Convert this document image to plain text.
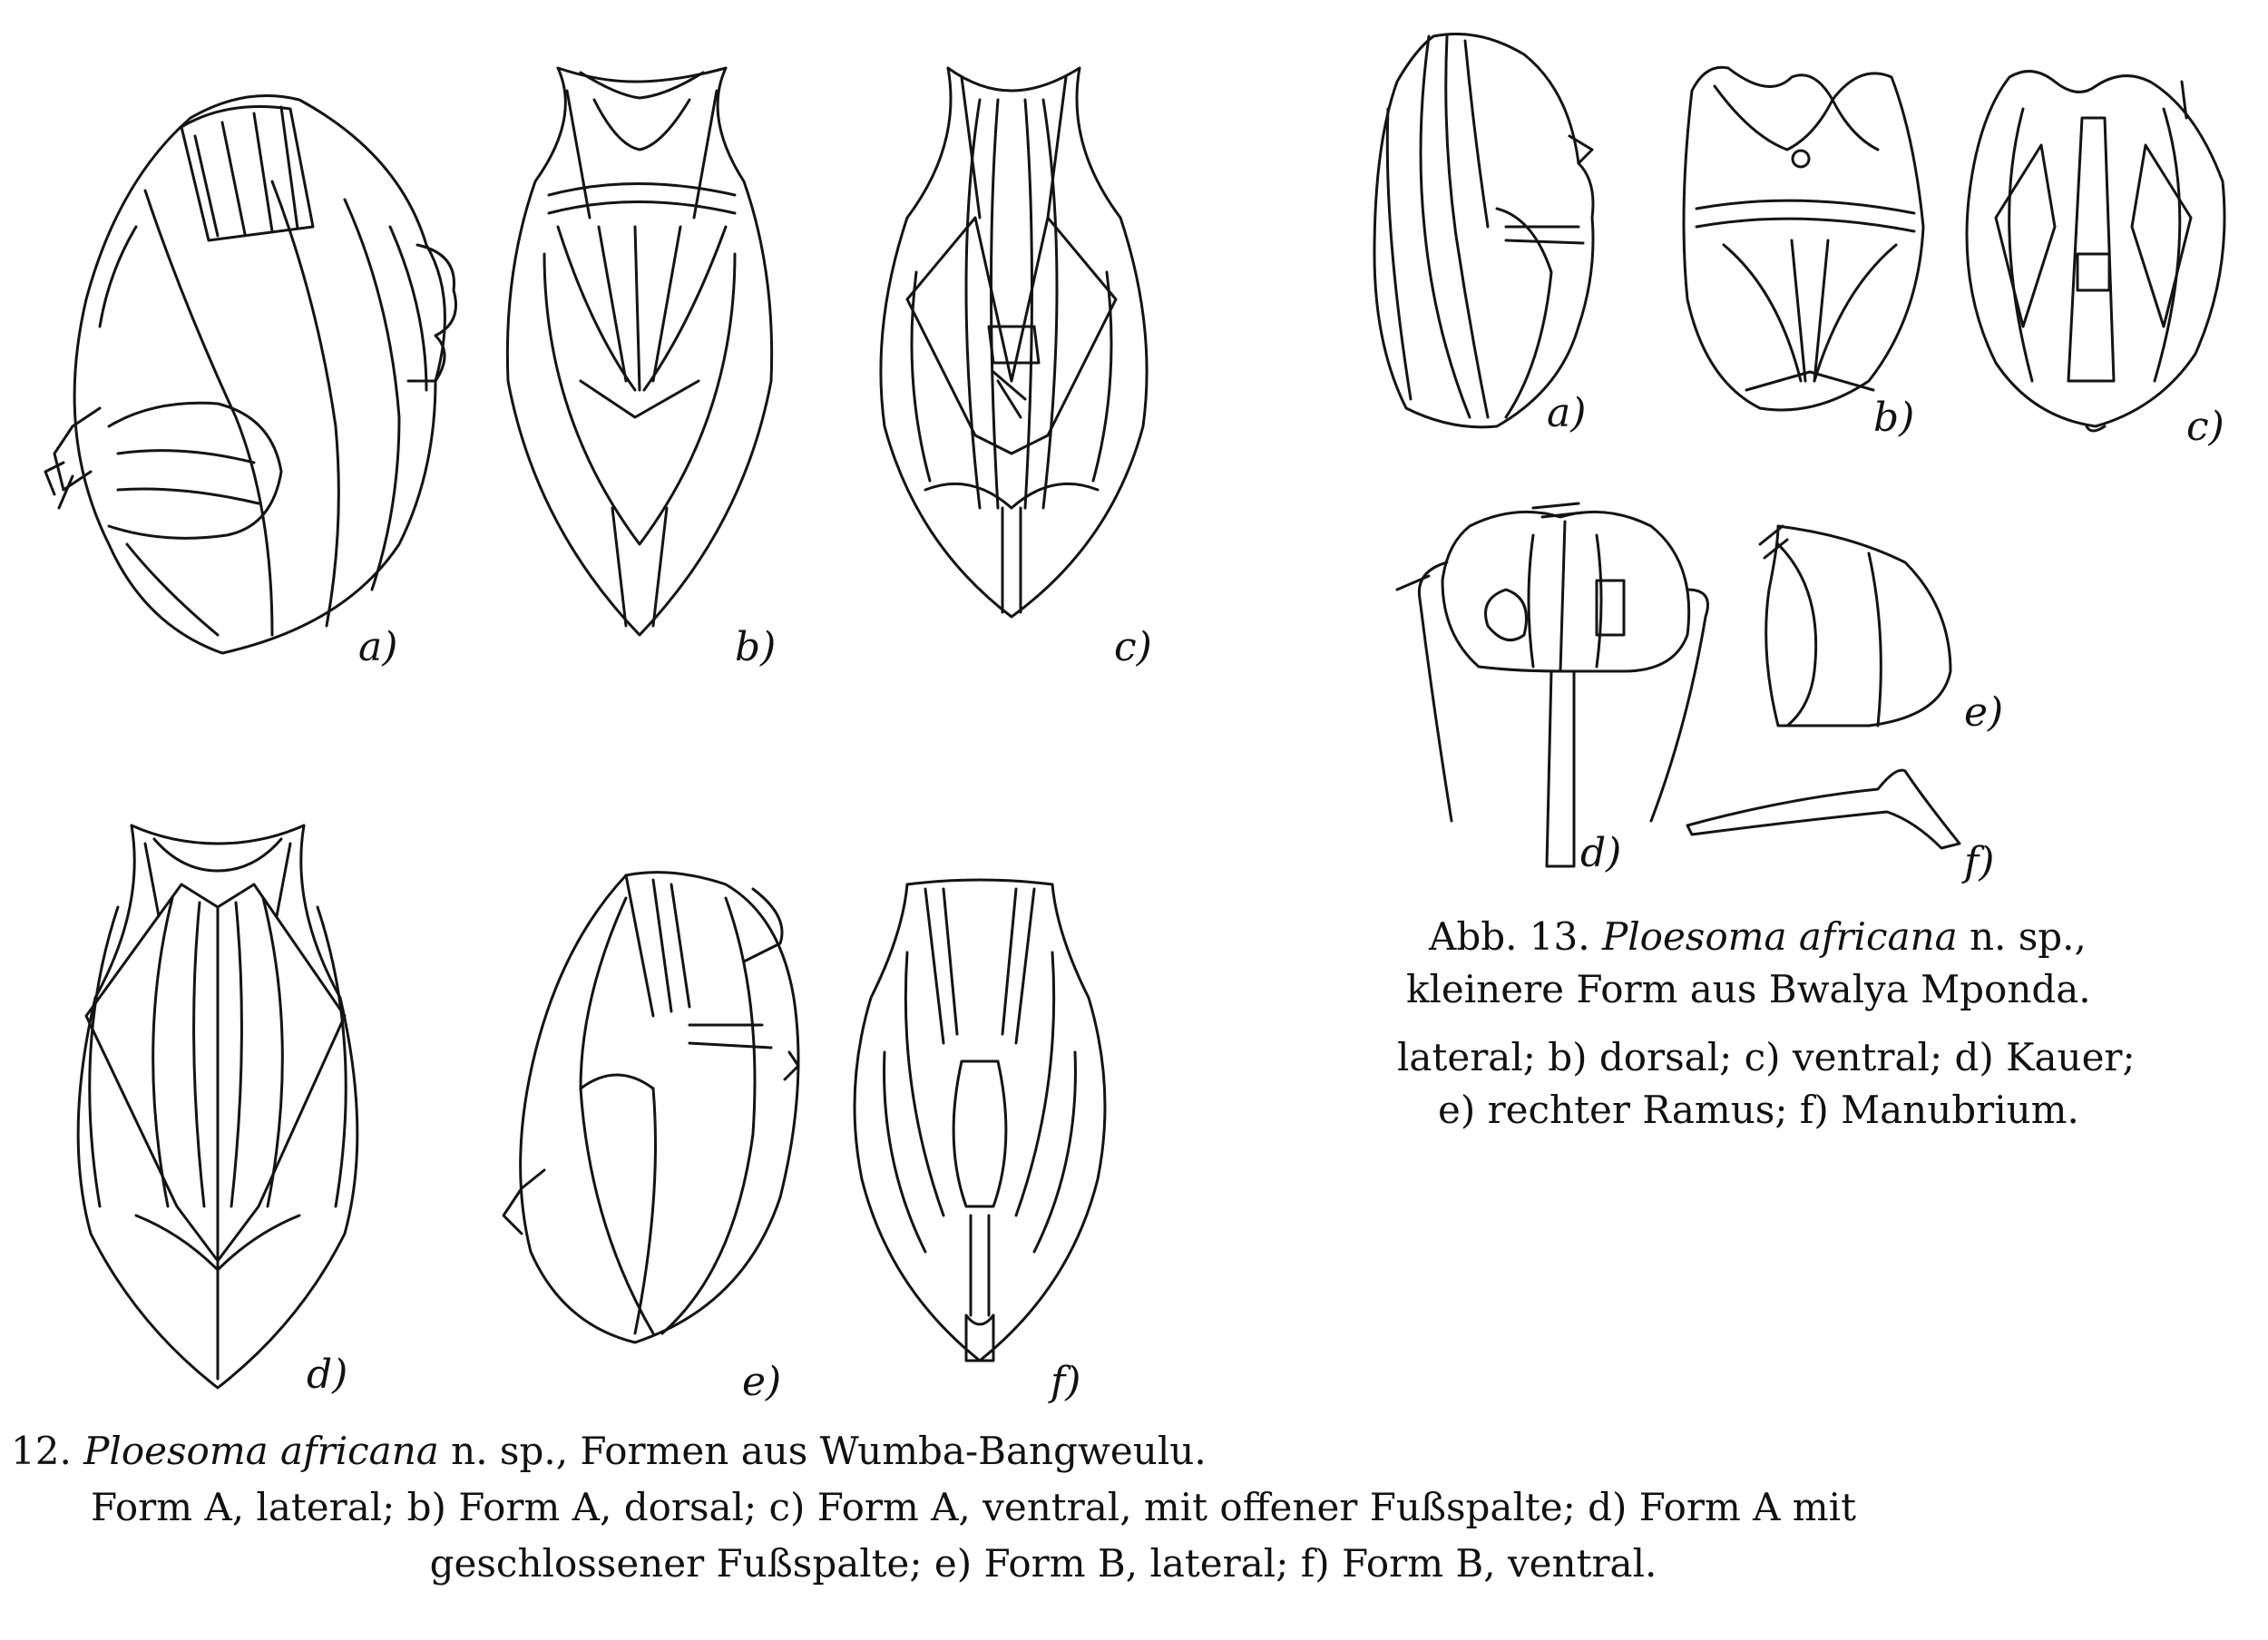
a)	b)	c)
d)	e)	f)
a)	b)	c)
d)
e)
f)
Abb. 13. Ploesoma africana n. sp.,
kleinere Form aus Bwalya Mponda.
lateral; b) dorsal; c) ventral; d) Kauer;
e) rechter Ramus; f) Manubrium.
12. Ploesoma africana n. sp., Formen aus Wumba-Bangweulu.
Form A, lateral; b) Form A, dorsal; c) Form A, ventral, mit offener Fußspalte; d) Form A mit
geschlossener Fußspalte; e) Form B, lateral; f) Form B, ventral.
